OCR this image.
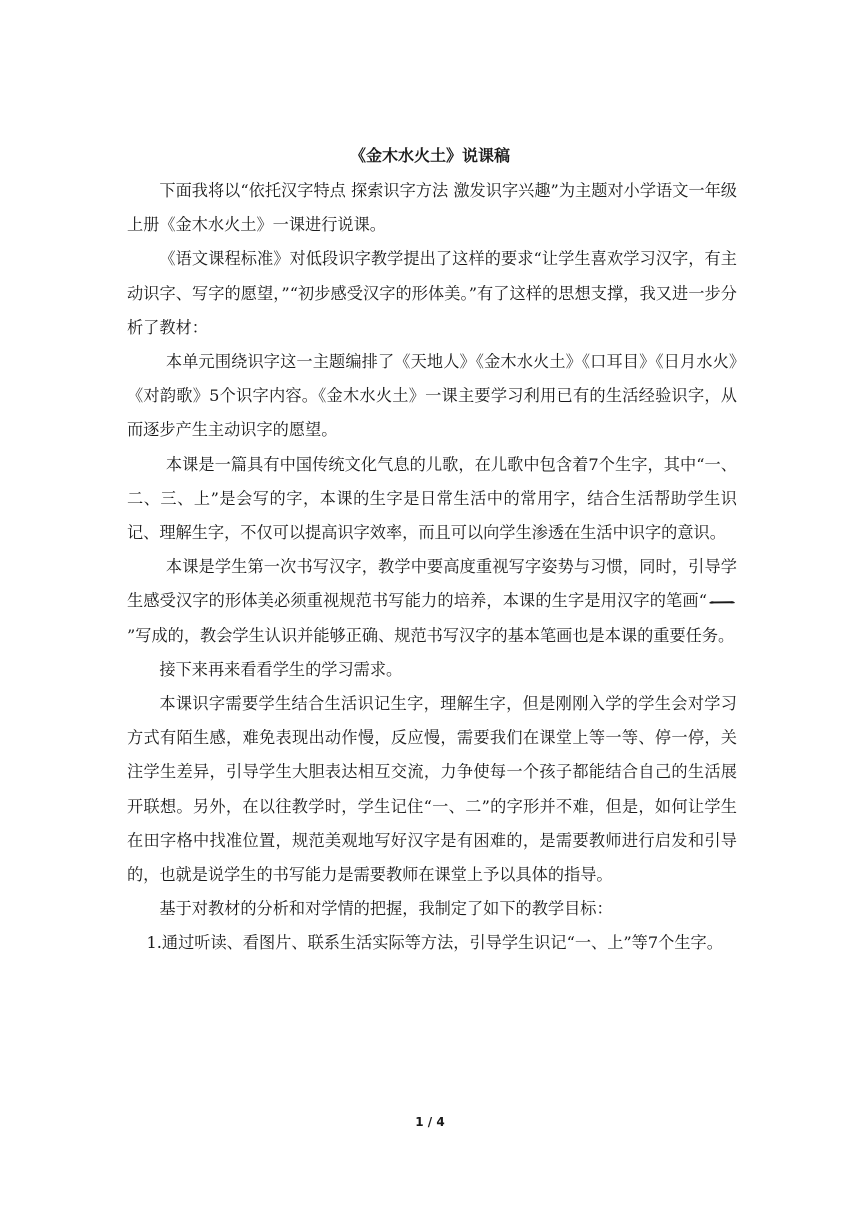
《金木水火土》说课稿

下面我将以“依托汉字特点 探索识字方法 激发识字兴趣”为主题对小学语文一年级上册《金木水火土》一课进行说课。

《语文课程标准》对低段识字教学提出了这样的要求“让学生喜欢学习汉字，有主动识字、写字的愿望，”“初步感受汉字的形体美。”有了这样的思想支撑，我又进一步分析了教材：

本单元围绕识字这一主题编排了《天地人》《金木水火土》《口耳目》《日月水火》《对韵歌》5个识字内容。《金木水火土》一课主要学习利用已有的生活经验识字，从而逐步产生主动识字的愿望。

本课是一篇具有中国传统文化气息的儿歌，在儿歌中包含着7个生字，其中“一、二、三、上”是会写的字，本课的生字是日常生活中的常用字，结合生活帮助学生识记、理解生字，不仅可以提高识字效率，而且可以向学生渗透在生活中识字的意识。

本课是学生第一次书写汉字，教学中要高度重视写字姿势与习惯，同时，引导学生感受汉字的形体美必须重视规范书写能力的培养，本课的生字是用汉字的笔画“
”写成的，教会学生认识并能够正确、规范书写汉字的基本笔画也是本课的重要任务。

接下来再来看看学生的学习需求。

本课识字需要学生结合生活识记生字，理解生字，但是刚刚入学的学生会对学习方式有陌生感，难免表现出动作慢，反应慢，需要我们在课堂上等一等、停一停，关注学生差异，引导学生大胆表达相互交流，力争使每一个孩子都能结合自己的生活展开联想。另外，在以往教学时，学生记住“一、二”的字形并不难，但是，如何让学生在田字格中找准位置，规范美观地写好汉字是有困难的，是需要教师进行启发和引导的，也就是说学生的书写能力是需要教师在课堂上予以具体的指导。

基于对教材的分析和对学情的把握，我制定了如下的教学目标：

1.通过听读、看图片、联系生活实际等方法，引导学生识记“一、上”等7个生字。

1 / 4
